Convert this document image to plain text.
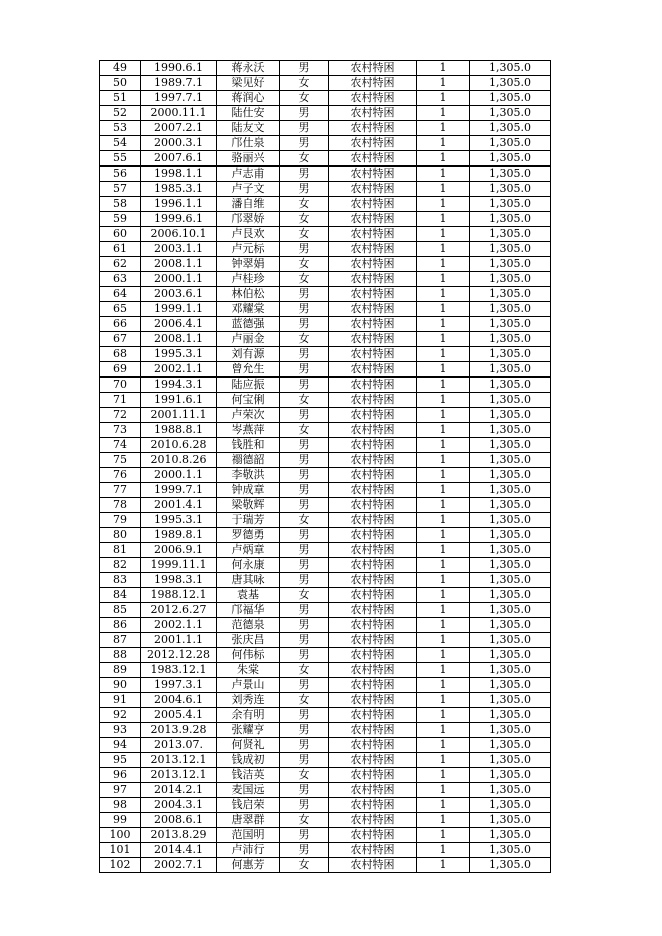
49	1990.6.1	蒋永沃	男	农村特困	1	1,305.0
50	1989.7.1	梁见好	女	农村特困	1	1,305.0
51	1997.7.1	蒋润心	女	农村特困	1	1,305.0
52	2000.11.1	陆仕安	男	农村特困	1	1,305.0
53	2007.2.1	陆友文	男	农村特困	1	1,305.0
54	2000.3.1	邝仕泉	男	农村特困	1	1,305.0
55	2007.6.1	骆丽兴	女	农村特困	1	1,305.0
56	1998.1.1	卢志甫	男	农村特困	1	1,305.0
57	1985.3.1	卢子文	男	农村特困	1	1,305.0
58	1996.1.1	潘自维	女	农村特困	1	1,305.0
59	1999.6.1	邝翠娇	女	农村特困	1	1,305.0
60	2006.10.1	卢艮欢	女	农村特困	1	1,305.0
61	2003.1.1	卢元标	男	农村特困	1	1,305.0
62	2008.1.1	钟翠娟	女	农村特困	1	1,305.0
63	2000.1.1	卢桂珍	女	农村特困	1	1,305.0
64	2003.6.1	林伯松	男	农村特困	1	1,305.0
65	1999.1.1	邓耀棠	男	农村特困	1	1,305.0
66	2006.4.1	蓝德强	男	农村特困	1	1,305.0
67	2008.1.1	卢丽金	女	农村特困	1	1,305.0
68	1995.3.1	刘有源	男	农村特困	1	1,305.0
69	2002.1.1	曾允生	男	农村特困	1	1,305.0
70	1994.3.1	陆应振	男	农村特困	1	1,305.0
71	1991.6.1	何宝俐	女	农村特困	1	1,305.0
72	2001.11.1	卢荣次	男	农村特困	1	1,305.0
73	1988.8.1	岑燕萍	女	农村特困	1	1,305.0
74	2010.6.28	钱胜和	男	农村特困	1	1,305.0
75	2010.8.26	禤德韶	男	农村特困	1	1,305.0
76	2000.1.1	李敬洪	男	农村特困	1	1,305.0
77	1999.7.1	钟成章	男	农村特困	1	1,305.0
78	2001.4.1	梁敬辉	男	农村特困	1	1,305.0
79	1995.3.1	于瑞芳	女	农村特困	1	1,305.0
80	1989.8.1	罗德勇	男	农村特困	1	1,305.0
81	2006.9.1	卢炳章	男	农村特困	1	1,305.0
82	1999.11.1	何永康	男	农村特困	1	1,305.0
83	1998.3.1	唐其咏	男	农村特困	1	1,305.0
84	1988.12.1	袁基	女	农村特困	1	1,305.0
85	2012.6.27	邝福华	男	农村特困	1	1,305.0
86	2002.1.1	范德泉	男	农村特困	1	1,305.0
87	2001.1.1	张庆昌	男	农村特困	1	1,305.0
88	2012.12.28	何伟标	男	农村特困	1	1,305.0
89	1983.12.1	朱棠	女	农村特困	1	1,305.0
90	1997.3.1	卢景山	男	农村特困	1	1,305.0
91	2004.6.1	刘秀连	女	农村特困	1	1,305.0
92	2005.4.1	余有明	男	农村特困	1	1,305.0
93	2013.9.28	张耀亨	男	农村特困	1	1,305.0
94	2013.07.	何贤礼	男	农村特困	1	1,305.0
95	2013.12.1	钱成初	男	农村特困	1	1,305.0
96	2013.12.1	钱洁英	女	农村特困	1	1,305.0
97	2014.2.1	麦国远	男	农村特困	1	1,305.0
98	2004.3.1	钱启荣	男	农村特困	1	1,305.0
99	2008.6.1	唐翠群	女	农村特困	1	1,305.0
100	2013.8.29	范国明	男	农村特困	1	1,305.0
101	2014.4.1	卢沛行	男	农村特困	1	1,305.0
102	2002.7.1	何惠芳	女	农村特困	1	1,305.0
